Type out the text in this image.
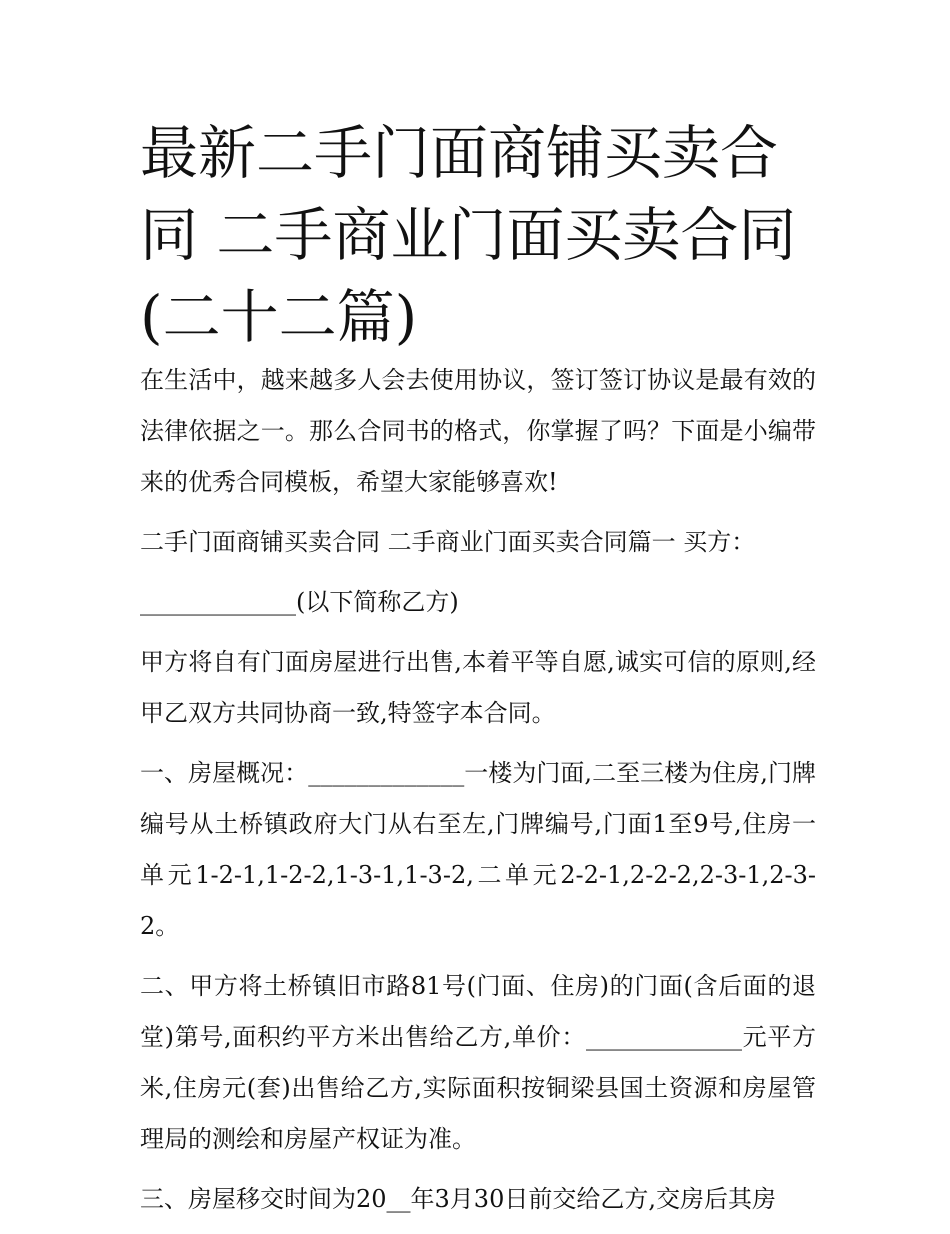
最新二手门面商铺买卖合同 二手商业门面买卖合同(二十二篇)

在生活中，越来越多人会去使用协议，签订签订协议是最有效的法律依据之一。那么合同书的格式，你掌握了吗？下面是小编带来的优秀合同模板，希望大家能够喜欢!

二手门面商铺买卖合同 二手商业门面买卖合同篇一 买方：

_____________(以下简称乙方)

甲方将自有门面房屋进行出售,本着平等自愿,诚实可信的原则,经甲乙双方共同协商一致,特签字本合同。

一、房屋概况：_____________一楼为门面,二至三楼为住房,门牌编号从土桥镇政府大门从右至左,门牌编号,门面1至9号,住房一单元1-2-1,1-2-2,1-3-1,1-3-2,二单元2-2-1,2-2-2,2-3-1,2-3-2。

二、甲方将土桥镇旧市路81号(门面、住房)的门面(含后面的退堂)第号,面积约平方米出售给乙方,单价：_____________元平方米,住房元(套)出售给乙方,实际面积按铜梁县国土资源和房屋管理局的测绘和房屋产权证为准。

三、房屋移交时间为20__年3月30日前交给乙方,交房后其房
